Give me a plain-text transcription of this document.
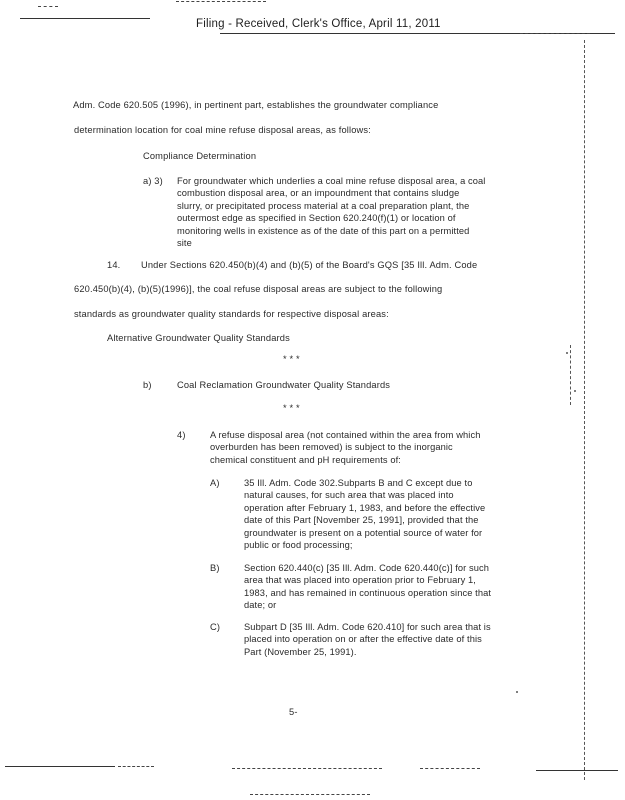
Filing - Received, Clerk's Office, April 11, 2011
Adm. Code 620.505 (1996), in pertinent part, establishes the groundwater compliance
determination location for coal mine refuse disposal areas, as follows:
Compliance Determination
a) 3) For groundwater which underlies a coal mine refuse disposal area, a coal
combustion disposal area, or an impoundment that contains sludge
slurry, or precipitated process material at a coal preparation plant, the
outermost edge as specified in Section 620.240(f)(1) or location of
monitoring wells in existence as of the date of this part on a permitted
site
14. Under Sections 620.450(b)(4) and (b)(5) of the Board's GQS [35 Ill. Adm. Code
620.450(b)(4), (b)(5)(1996)], the coal refuse disposal areas are subject to the following
standards as groundwater quality standards for respective disposal areas:
Alternative Groundwater Quality Standards
* * *
b)	Coal Reclamation Groundwater Quality Standards
* * *
4)	A refuse disposal area (not contained within the area from which
overburden has been removed) is subject to the inorganic
chemical constituent and pH requirements of:
A)	35 Ill. Adm. Code 302.Subparts B and C except due to
natural causes, for such area that was placed into
operation after February 1, 1983, and before the effective
date of this Part [November 25, 1991], provided that the
groundwater is present on a potential source of water for
public or food processing;
B)	Section 620.440(c) [35 Ill. Adm. Code 620.440(c)] for such
area that was placed into operation prior to February 1,
1983, and has remained in continuous operation since that
date; or
C)	Subpart D [35 Ill. Adm. Code 620.410] for such area that is
placed into operation on or after the effective date of this
Part (November 25, 1991).
5-
